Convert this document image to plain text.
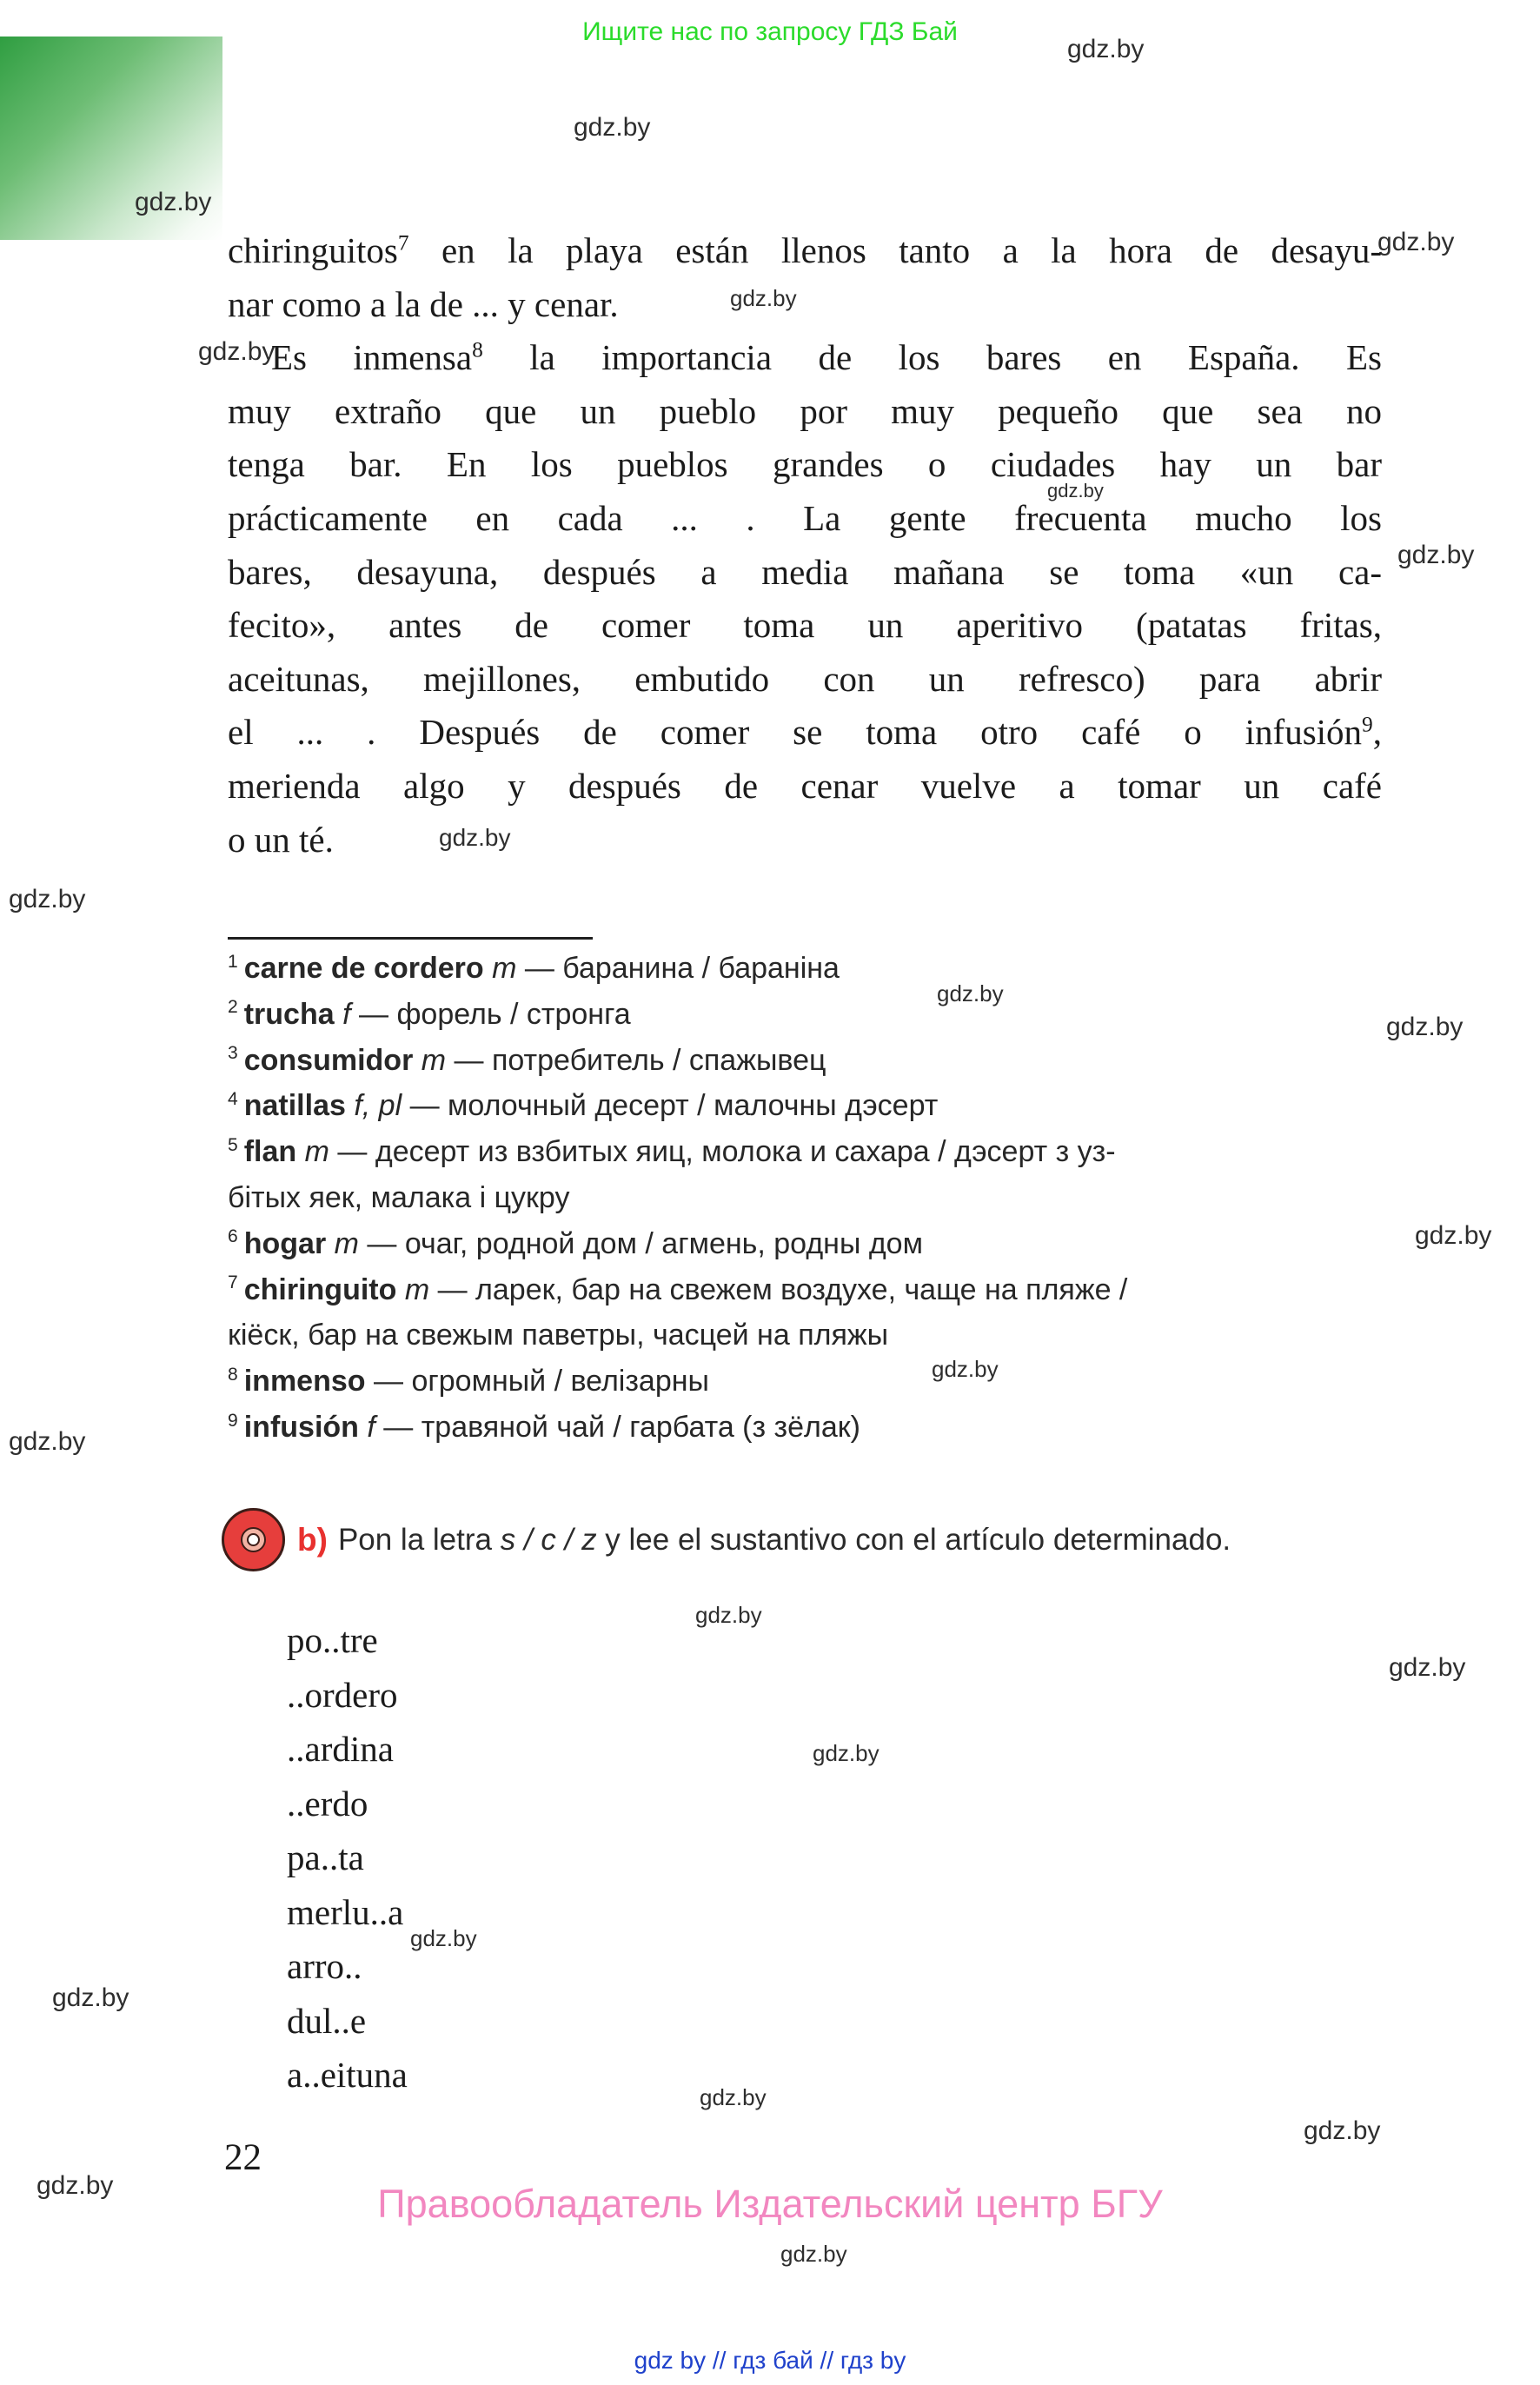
Ищите нас по запросу ГДЗ Бай
gdz.by
gdz.by
gdz.by
gdz.by
gdz.by
gdz.by
gdz.by
gdz.by
gdz.by
gdz.by
gdz.by
gdz.by
gdz.by
gdz.by
gdz.by
gdz.by
gdz.by
gdz.by
gdz.by
gdz.by
gdz.by
gdz.by
gdz.by
gdz.by
chiringuitos$^7$ en la playa están llenos tanto a la hora de desayu-
nar como a la de ... y cenar.
Es inmensa$^8$ la importancia de los bares en España. Es
muy extraño que un pueblo por muy pequeño que sea no
tenga bar. En los pueblos grandes o ciudades hay un bar
prácticamente en cada ... . La gente frecuenta mucho los
bares, desayuna, después a media mañana se toma «un ca-
fecito», antes de comer toma un aperitivo (patatas fritas,
aceitunas, mejillones, embutido con un refresco) para abrir
el ... . Después de comer se toma otro café o infusión$^9$,
merienda algo y después de cenar vuelve a tomar un café
o un té.
$^1$ carne de cordero m — баранина / бараніна
$^2$ trucha f — форель / стронга
$^3$ consumidor m — потребитель / спажывец
$^4$ natillas f, pl — молочный десерт / малочны дэсерт
$^5$ flan m — десерт из взбитых яиц, молока и сахара / дэсерт з уз-
бітых яек, малака і цукру
$^6$ hogar m — очаг, родной дом / агмень, родны дом
$^7$ chiringuito m — ларек, бар на свежем воздухе, чаще на пляже /
кіёск, бар на свежым паветры, часцей на пляжы
$^8$ inmenso — огромный / велізарны
$^9$ infusión f — травяной чай / гарбата (з зёлак)
b) Pon la letra s / c / z y lee el sustantivo con el artículo determinado.
po..tre
..ordero
..ardina
..erdo
pa..ta
merlu..a
arro..
dul..e
a..eituna
22
Правообладатель Издательский центр БГУ
gdz by // гдз бай // гдз by
